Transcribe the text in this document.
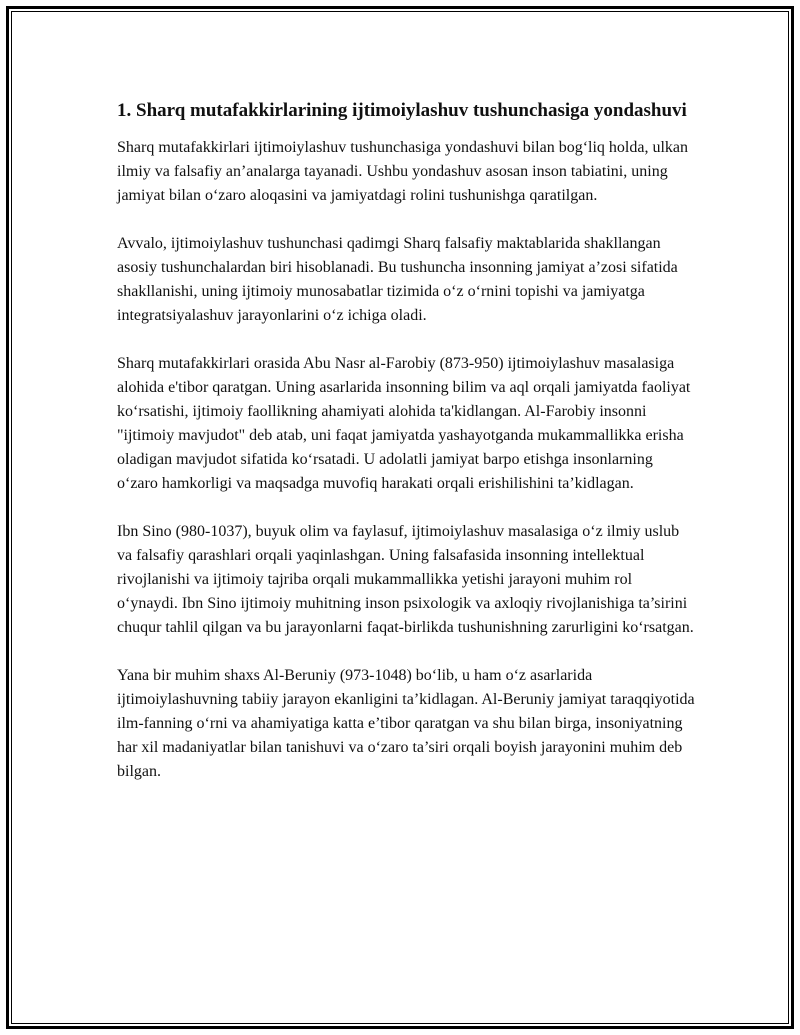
1. Sharq mutafakkirlarining ijtimoiylashuv tushunchasiga yondashuvi

Sharq mutafakkirlari ijtimoiylashuv tushunchasiga yondashuvi bilan bog‘liq holda, ulkan ilmiy va falsafiy an’analarga tayanadi. Ushbu yondashuv asosan inson tabiatini, uning jamiyat bilan o‘zaro aloqasini va jamiyatdagi rolini tushunishga qaratilgan.

Avvalo, ijtimoiylashuv tushunchasi qadimgi Sharq falsafiy maktablarida shakllangan asosiy tushunchalardan biri hisoblanadi. Bu tushuncha insonning jamiyat a’zosi sifatida shakllanishi, uning ijtimoiy munosabatlar tizimida o‘z o‘rnini topishi va jamiyatga integratsiyalashuv jarayonlarini o‘z ichiga oladi.

Sharq mutafakkirlari orasida Abu Nasr al-Farobiy (873-950) ijtimoiylashuv masalasiga alohida e'tibor qaratgan. Uning asarlarida insonning bilim va aql orqali jamiyatda faoliyat ko‘rsatishi, ijtimoiy faollikning ahamiyati alohida ta'kidlangan. Al-Farobiy insonni "ijtimoiy mavjudot" deb atab, uni faqat jamiyatda yashayotganda mukammallikka erisha oladigan mavjudot sifatida ko‘rsatadi. U adolatli jamiyat barpo etishga insonlarning o‘zaro hamkorligi va maqsadga muvofiq harakati orqali erishilishini ta’kidlagan.

Ibn Sino (980-1037), buyuk olim va faylasuf, ijtimoiylashuv masalasiga o‘z ilmiy uslub va falsafiy qarashlari orqali yaqinlashgan. Uning falsafasida insonning intellektual rivojlanishi va ijtimoiy tajriba orqali mukammallikka yetishi jarayoni muhim rol o‘ynaydi. Ibn Sino ijtimoiy muhitning inson psixologik va axloqiy rivojlanishiga ta’sirini chuqur tahlil qilgan va bu jarayonlarni faqat-birlikda tushunishning zarurligini ko‘rsatgan.

Yana bir muhim shaxs Al-Beruniy (973-1048) bo‘lib, u ham o‘z asarlarida ijtimoiylashuvning tabiiy jarayon ekanligini ta’kidlagan. Al-Beruniy jamiyat taraqqiyotida ilm-fanning o‘rni va ahamiyatiga katta e’tibor qaratgan va shu bilan birga, insoniyatning har xil madaniyatlar bilan tanishuvi va o‘zaro ta’siri orqali boyish jarayonini muhim deb bilgan.
